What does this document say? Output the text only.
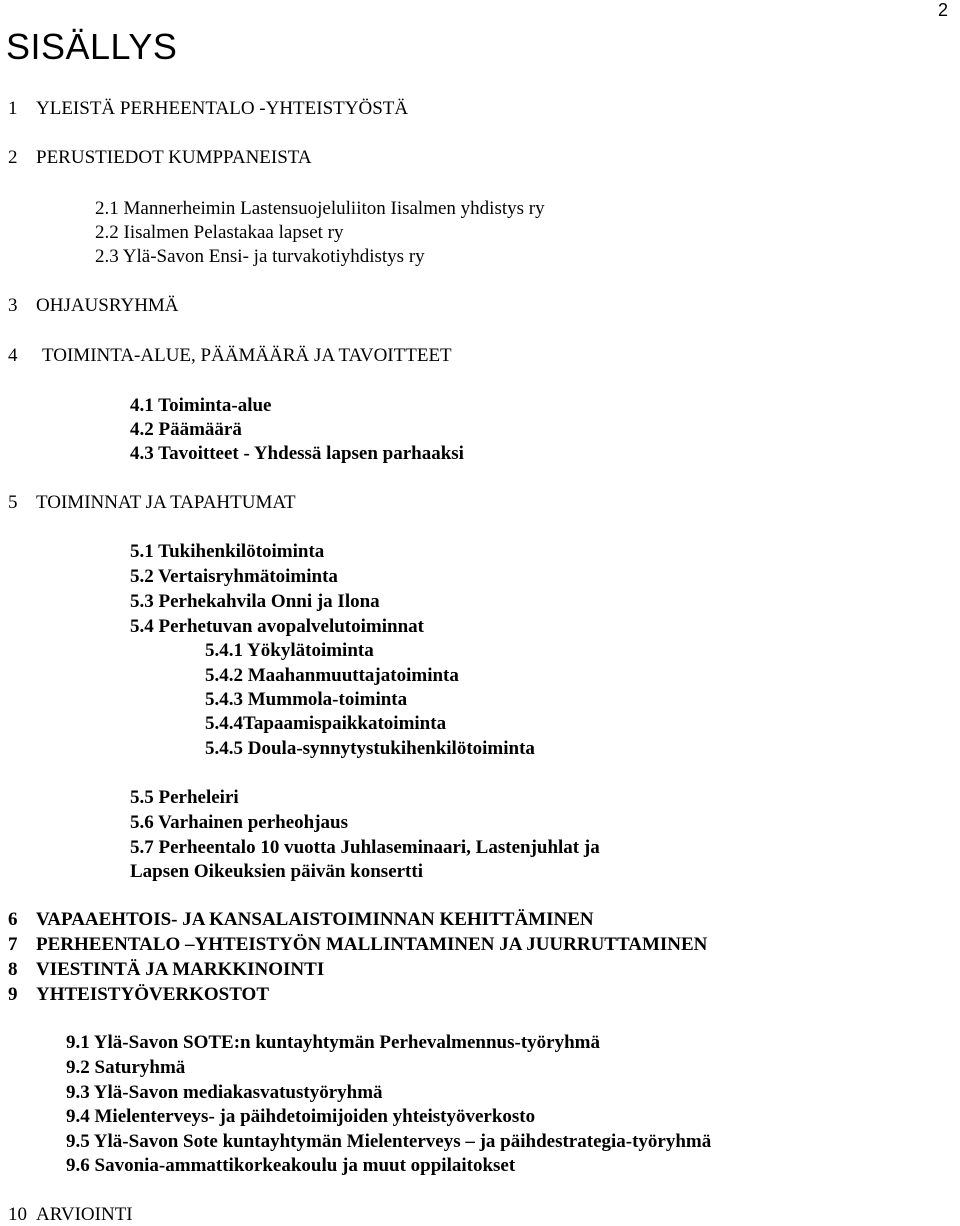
2
SISÄLLYS
1 YLEISTÄ PERHEENTALO -YHTEISTYÖSTÄ
2 PERUSTIEDOT KUMPPANEISTA
2.1 Mannerheimin Lastensuojeluliiton Iisalmen yhdistys ry
2.2 Iisalmen Pelastakaa lapset ry
2.3 Ylä-Savon Ensi- ja turvakotiyhdistys ry
3 OHJAUSRYHMÄ
4 TOIMINTA-ALUE, PÄÄMÄÄRÄ JA TAVOITTEET
4.1 Toiminta-alue
4.2 Päämäärä
4.3 Tavoitteet - Yhdessä lapsen parhaaksi
5 TOIMINNAT JA TAPAHTUMAT
5.1 Tukihenkilötoiminta
5.2 Vertaisryhmätoiminta
5.3 Perhekahvila Onni ja Ilona
5.4 Perhetuvan avopalvelutoiminnat
5.4.1 Yökylätoiminta
5.4.2 Maahanmuuttajatoiminta
5.4.3 Mummola-toiminta
5.4.4Tapaamispaikkatoiminta
5.4.5 Doula-synnytystukihenkilötoiminta
5.5 Perheleiri
5.6 Varhainen perheohjaus
5.7 Perheentalo 10 vuotta Juhlaseminaari, Lastenjuhlat ja
Lapsen Oikeuksien päivän konsertti
6 VAPAAEHTOIS- JA KANSALAISTOIMINNAN KEHITTÄMINEN
7 PERHEENTALO –YHTEISTYÖN MALLINTAMINEN JA JUURRUTTAMINEN
8 VIESTINTÄ JA MARKKINOINTI
9 YHTEISTYÖVERKOSTOT
9.1 Ylä-Savon SOTE:n kuntayhtymän Perhevalmennus-työryhmä
9.2 Saturyhmä
9.3 Ylä-Savon mediakasvatustyöryhmä
9.4 Mielenterveys- ja päihdetoimijoiden yhteistyöverkosto
9.5 Ylä-Savon Sote kuntayhtymän Mielenterveys – ja päihdestrategia-työryhmä
9.6 Savonia-ammattikorkeakoulu ja muut oppilaitokset
10 ARVIOINTI
